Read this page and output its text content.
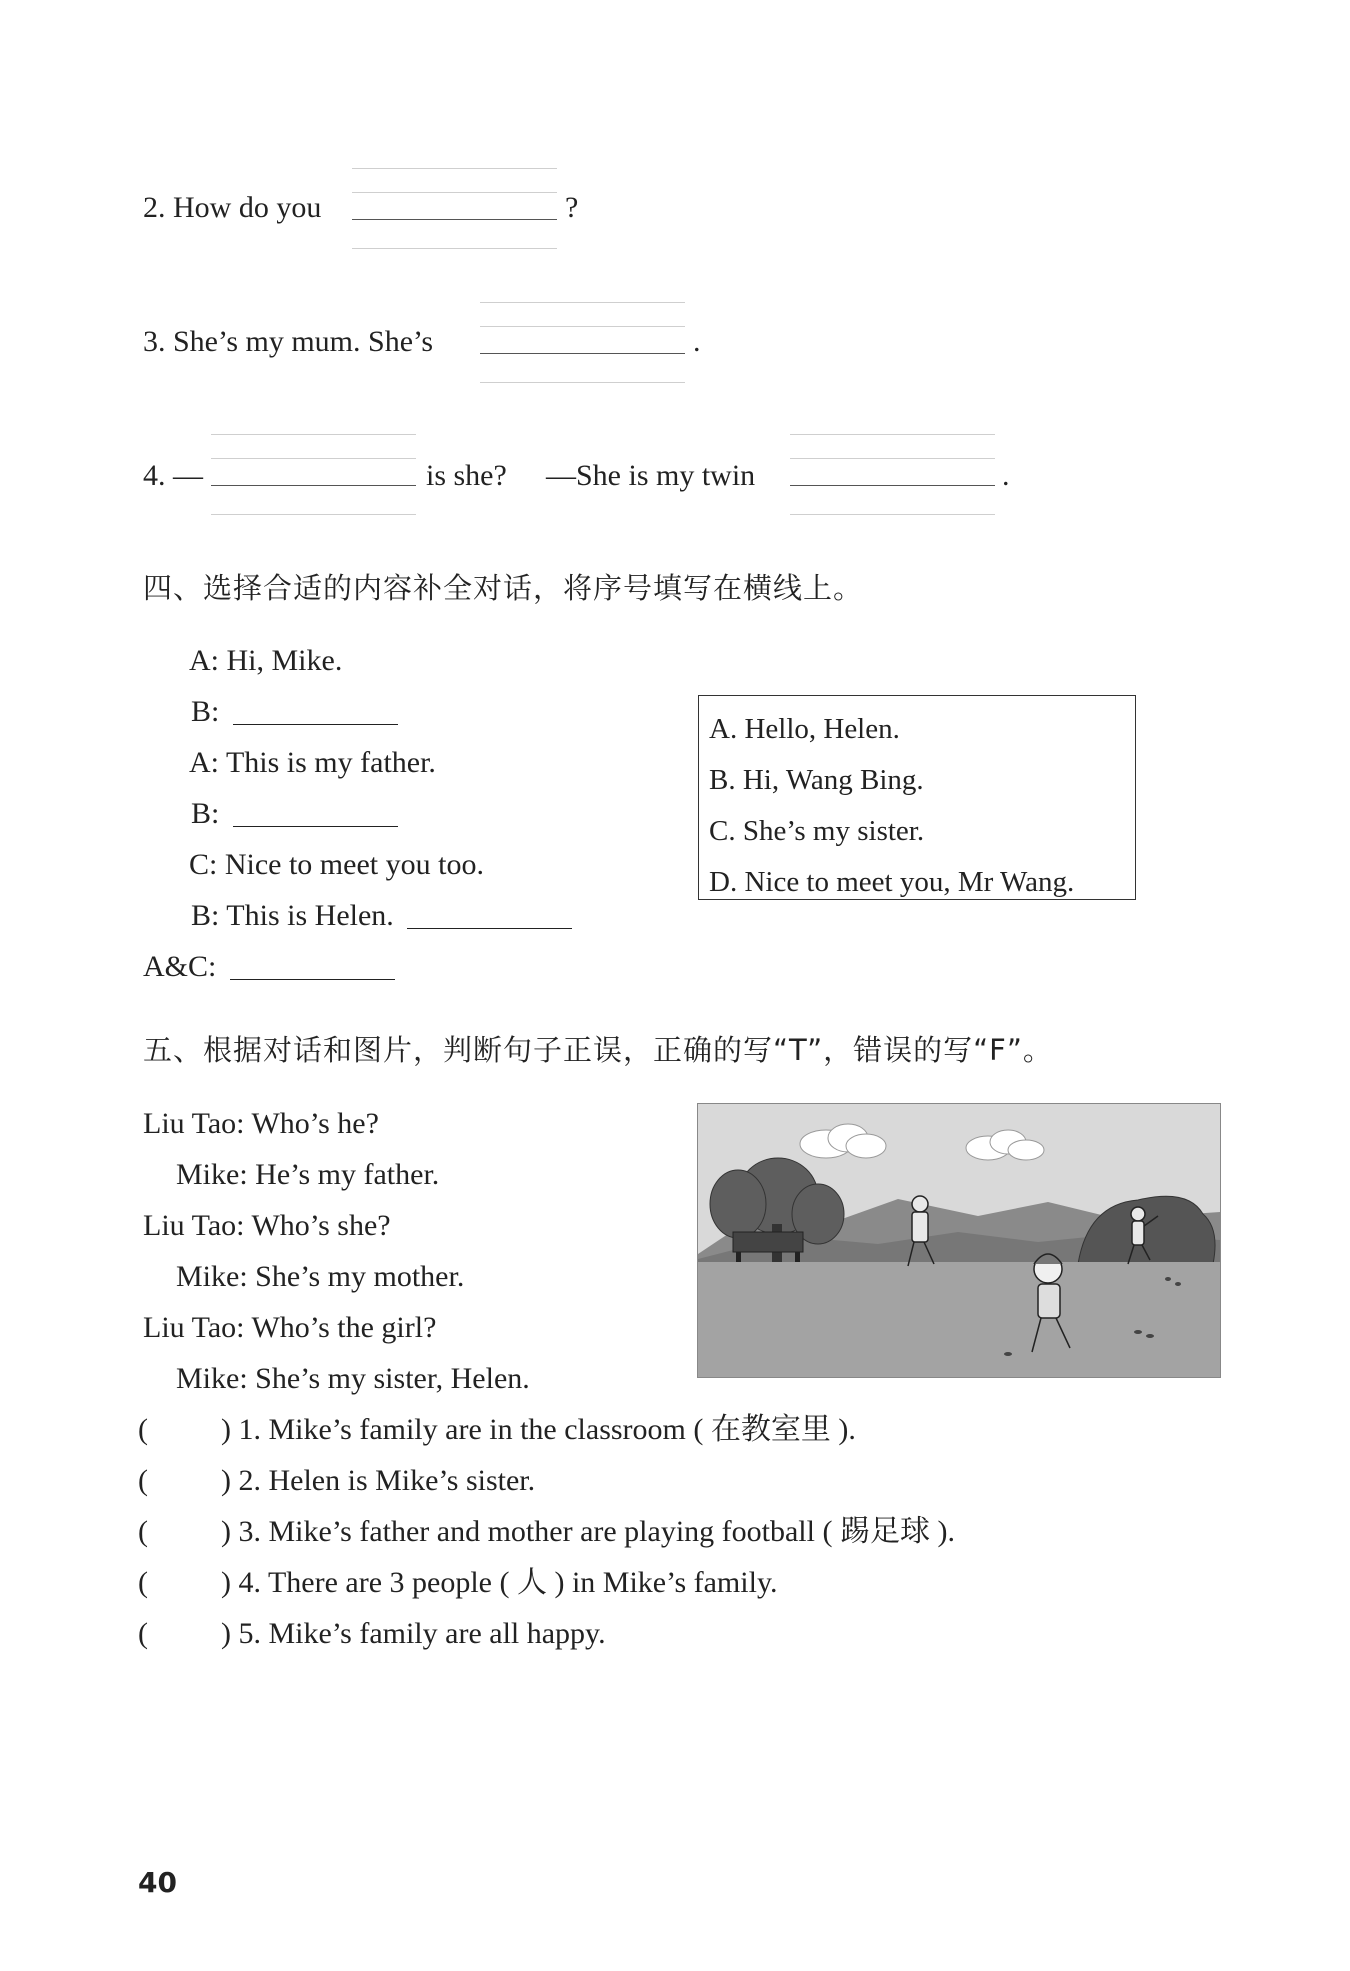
2. How do you	?
3. She’s my mum. She’s	.
4. —	is she? —She is my twin	.
四、选择合适的内容补全对话，将序号填写在横线上。
A: Hi, Mike.
B:
A: This is my father.
B:
C: Nice to meet you too.
B: This is Helen.
A&C:
A. Hello, Helen.
B. Hi, Wang Bing.
C. She’s my sister.
D. Nice to meet you, Mr Wang.
五、根据对话和图片，判断句子正误，正确的写“T”，错误的写“F”。
Liu Tao: Who’s he?
Mike: He’s my father.
Liu Tao: Who’s she?
Mike: She’s my mother.
Liu Tao: Who’s the girl?
Mike: She’s my sister, Helen.
( ) 1. Mike’s family are in the classroom ( 在教室里 ).
( ) 2. Helen is Mike’s sister.
( ) 3. Mike’s father and mother are playing football ( 踢足球 ).
( ) 4. There are 3 people ( 人 ) in Mike’s family.
( ) 5. Mike’s family are all happy.
40
